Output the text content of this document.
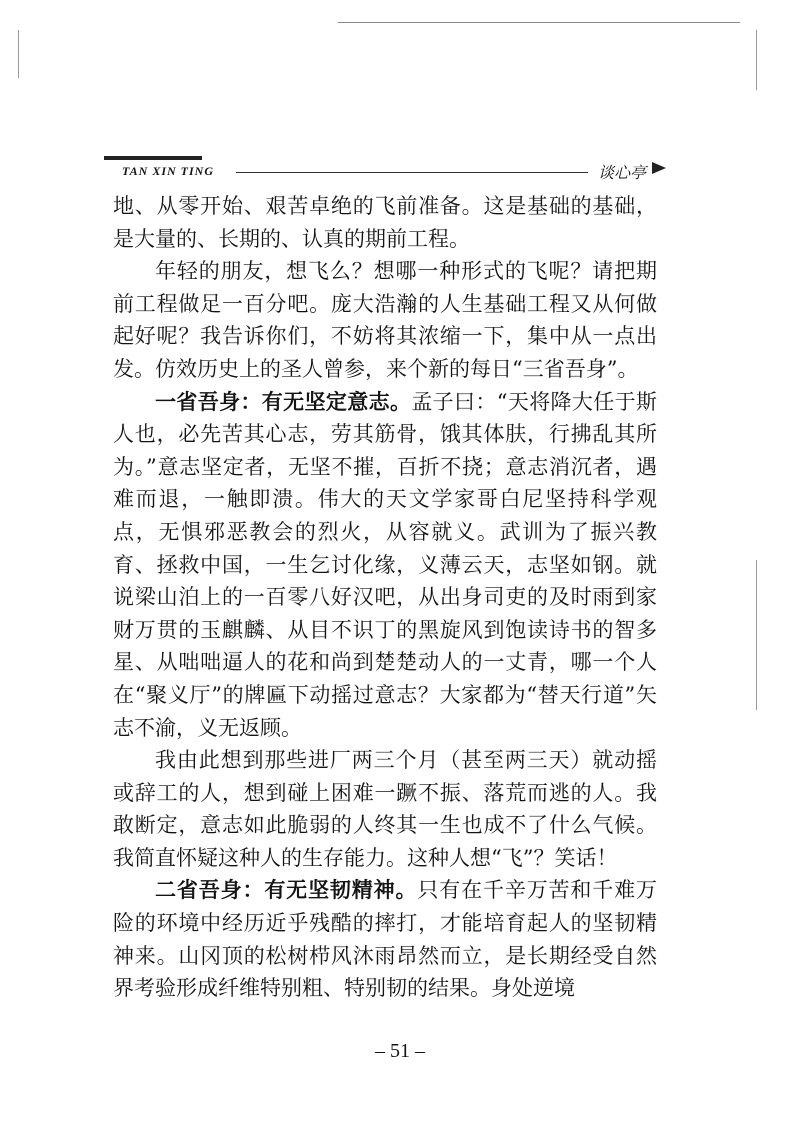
TAN XIN TING	谈心亭

地、从零开始、艰苦卓绝的飞前准备。这是基础的基础，是大量的、长期的、认真的期前工程。

年轻的朋友，想飞么？想哪一种形式的飞呢？请把期前工程做足一百分吧。庞大浩瀚的人生基础工程又从何做起好呢？我告诉你们，不妨将其浓缩一下，集中从一点出发。仿效历史上的圣人曾参，来个新的每日“三省吾身”。

一省吾身：有无坚定意志。孟子曰：“天将降大任于斯人也，必先苦其心志，劳其筋骨，饿其体肤，行拂乱其所为。”意志坚定者，无坚不摧，百折不挠；意志消沉者，遇难而退，一触即溃。伟大的天文学家哥白尼坚持科学观点，无惧邪恶教会的烈火，从容就义。武训为了振兴教育、拯救中国，一生乞讨化缘，义薄云天，志坚如钢。就说梁山泊上的一百零八好汉吧，从出身司吏的及时雨到家财万贯的玉麒麟、从目不识丁的黑旋风到饱读诗书的智多星、从咄咄逼人的花和尚到楚楚动人的一丈青，哪一个人在“聚义厅”的牌匾下动摇过意志？大家都为“替天行道”矢志不渝，义无返顾。

我由此想到那些进厂两三个月（甚至两三天）就动摇或辞工的人，想到碰上困难一蹶不振、落荒而逃的人。我敢断定，意志如此脆弱的人终其一生也成不了什么气候。我简直怀疑这种人的生存能力。这种人想“飞”？笑话！

二省吾身：有无坚韧精神。只有在千辛万苦和千难万险的环境中经历近乎残酷的摔打，才能培育起人的坚韧精神来。山冈顶的松树栉风沐雨昂然而立，是长期经受自然界考验形成纤维特别粗、特别韧的结果。身处逆境

– 51 –
